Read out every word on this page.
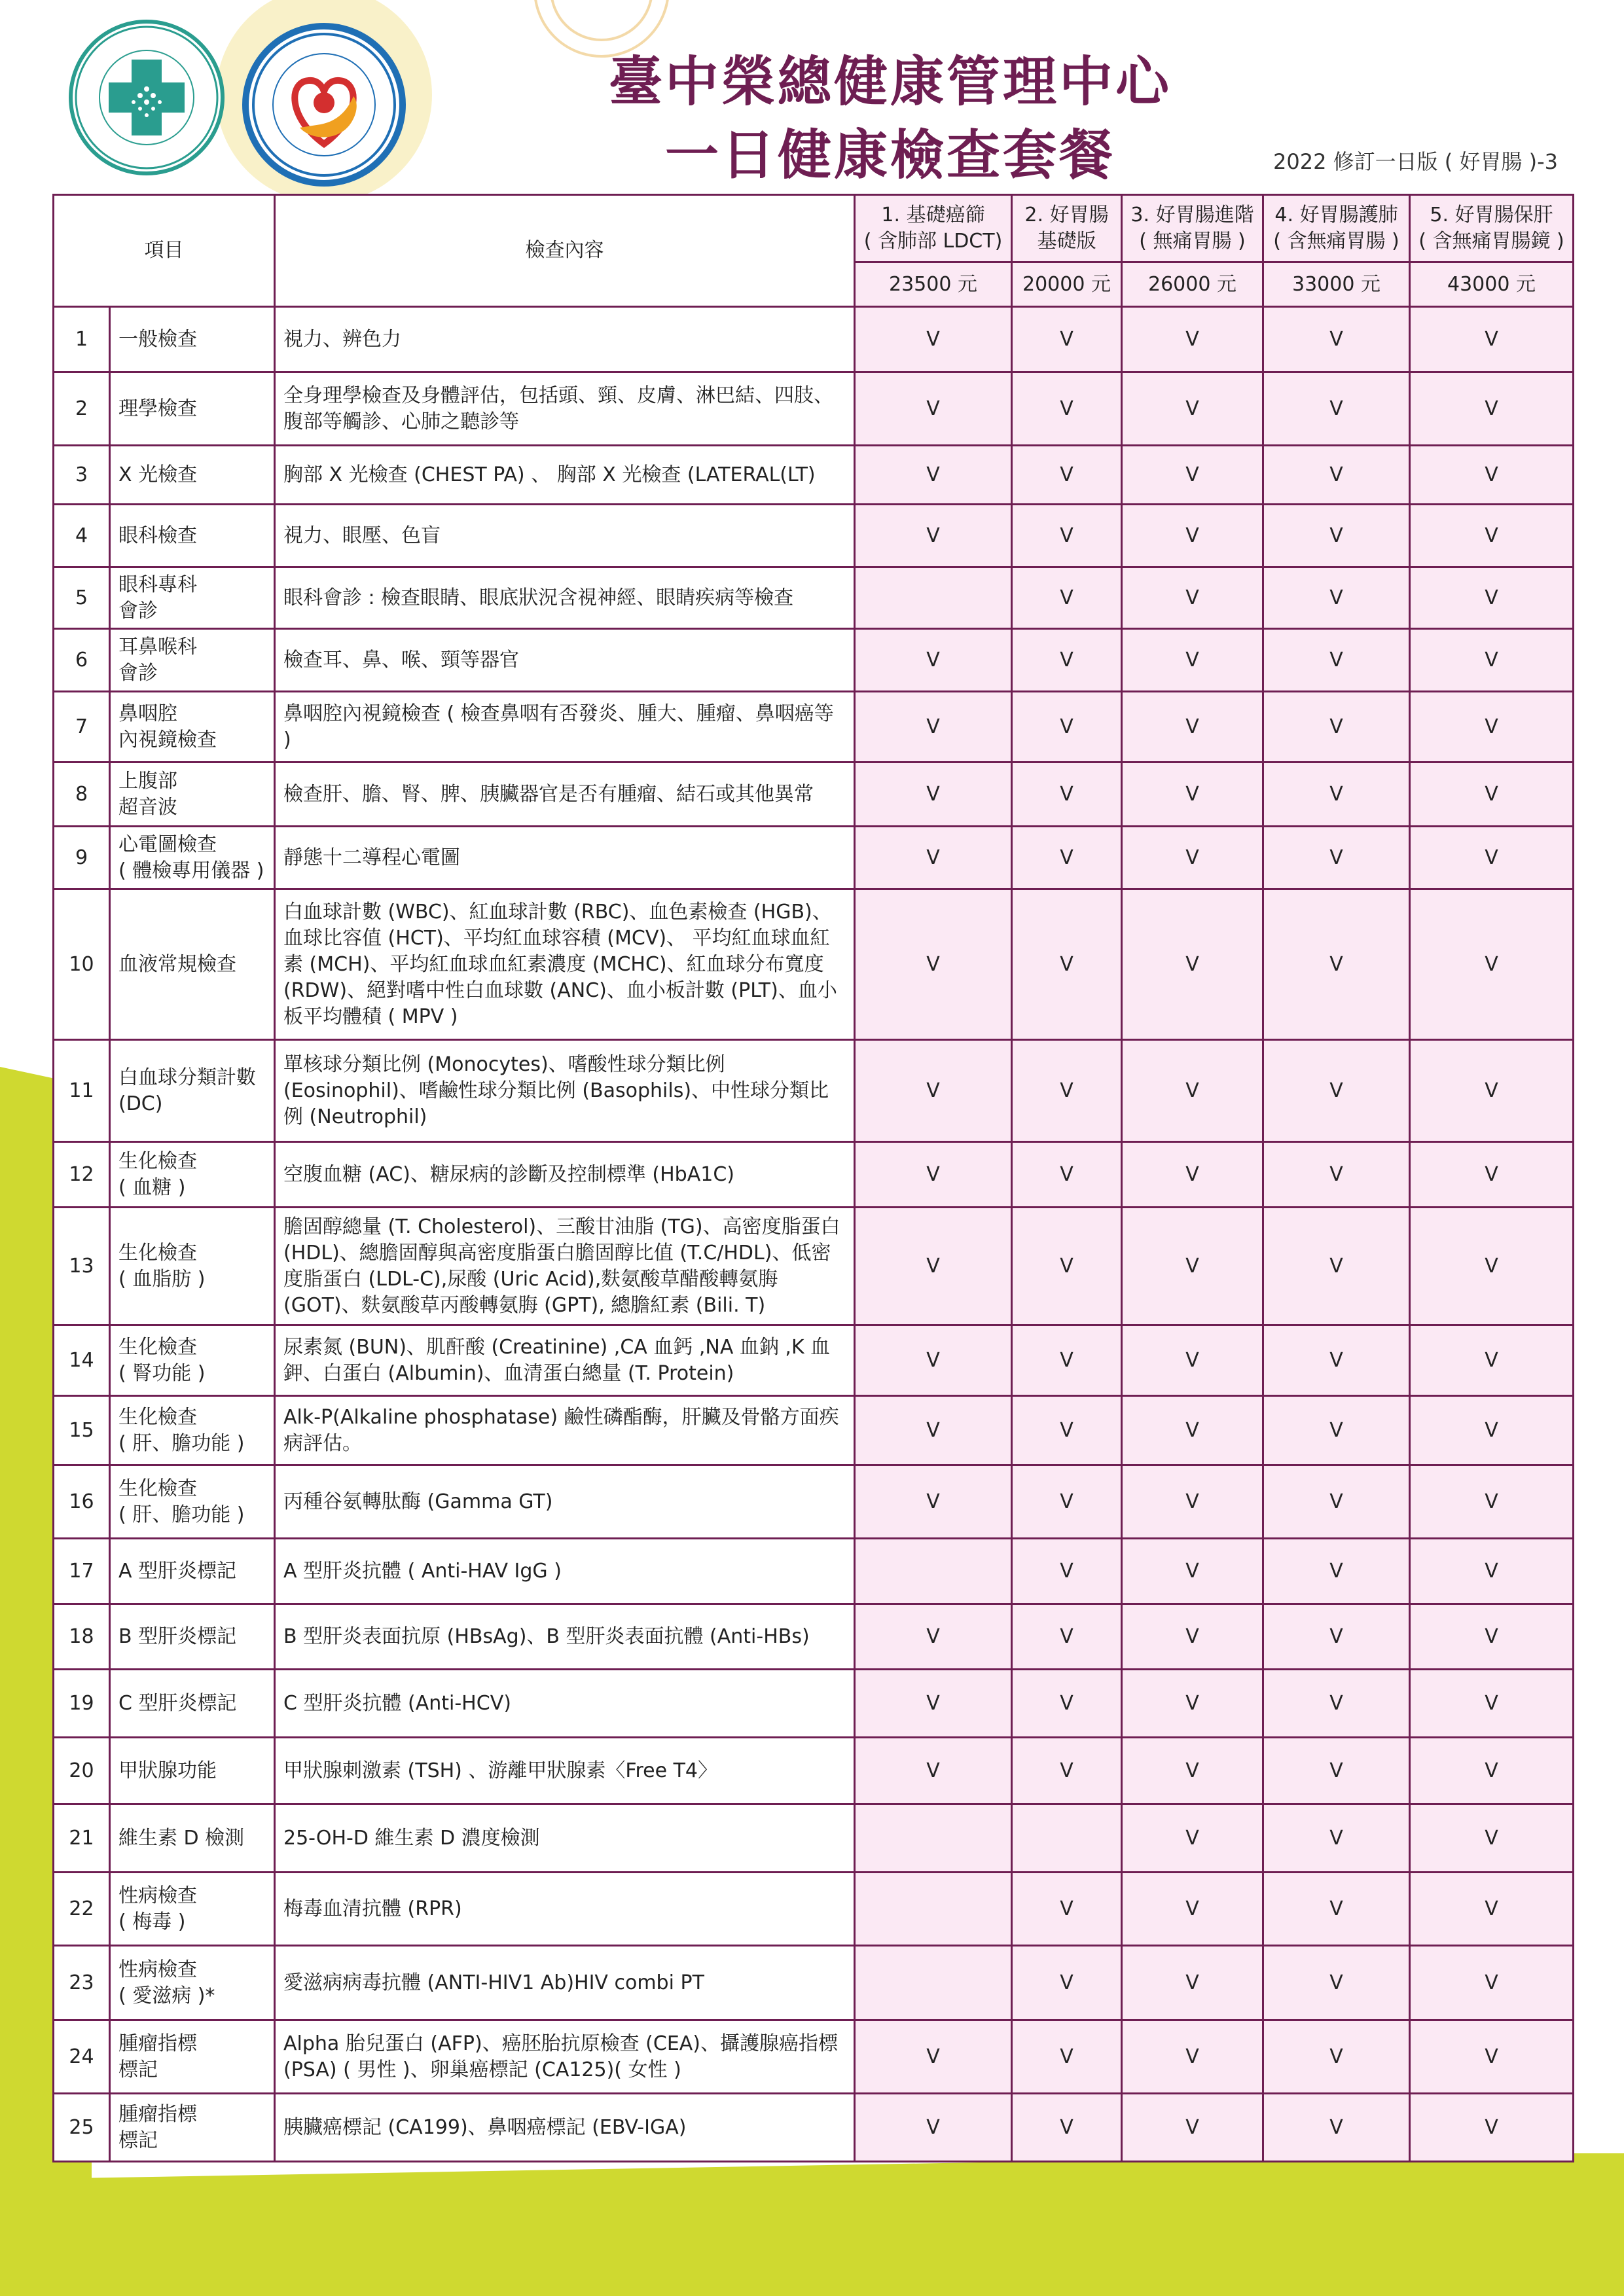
臺中榮總健康管理中心
一日健康檢查套餐	2022 修訂一日版 ( 好胃腸 )-3
項目		檢查內容	1. 基礎癌篩
( 含肺部 LDCT)	2. 好胃腸
基礎版	3. 好胃腸進階
( 無痛胃腸 )	4. 好胃腸護肺
( 含無痛胃腸 )	5. 好胃腸保肝
( 含無痛胃腸鏡 )
			23500 元	20000 元	26000 元	33000 元	43000 元
1	一般檢查	視力、辨色力	V	V	V	V	V
2	理學檢查	全身理學檢查及身體評估，包括頭、頸、皮膚、淋巴結、四肢、腹部等觸診、心肺之聽診等	V	V	V	V	V
3	X 光檢查	胸部 X 光檢查 (CHEST PA) 、 胸部 X 光檢查 (LATERAL(LT)	V	V	V	V	V
4	眼科檢查	視力、眼壓、色盲	V	V	V	V	V
5	眼科專科
會診	眼科會診 : 檢查眼睛、眼底狀況含視神經、眼睛疾病等檢查		V	V	V	V
6	耳鼻喉科
會診	檢查耳、鼻、喉、頸等器官	V	V	V	V	V
7	鼻咽腔
內視鏡檢查	鼻咽腔內視鏡檢查 ( 檢查鼻咽有否發炎、腫大、腫瘤、鼻咽癌等 )	V	V	V	V	V
8	上腹部
超音波	檢查肝、膽、腎、脾、胰臟器官是否有腫瘤、結石或其他異常	V	V	V	V	V
9	心電圖檢查
( 體檢專用儀器 )	靜態十二導程心電圖	V	V	V	V	V
10	血液常規檢查	白血球計數 (WBC)、紅血球計數 (RBC)、血色素檢查 (HGB)、血球比容值 (HCT)、平均紅血球容積 (MCV)、 平均紅血球血紅素 (MCH)、平均紅血球血紅素濃度 (MCHC)、紅血球分布寬度 (RDW)、絕對嗜中性白血球數 (ANC)、血小板計數 (PLT)、血小板平均體積 ( MPV )	V	V	V	V	V
11	白血球分類計數
(DC)	單核球分類比例 (Monocytes)、嗜酸性球分類比例 (Eosinophil)、嗜鹼性球分類比例 (Basophils)、中性球分類比例 (Neutrophil)	V	V	V	V	V
12	生化檢查
( 血糖 )	空腹血糖 (AC)、糖尿病的診斷及控制標準 (HbA1C)	V	V	V	V	V
13	生化檢查
( 血脂肪 )	膽固醇總量 (T. Cholesterol)、三酸甘油脂 (TG)、高密度脂蛋白 (HDL)、總膽固醇與高密度脂蛋白膽固醇比值 (T.C/HDL)、低密度脂蛋白 (LDL-C),尿酸 (Uric Acid),麩氨酸草醋酸轉氨脢 (GOT)、麩氨酸草丙酸轉氨脢 (GPT), 總膽紅素 (Bili. T)	V	V	V	V	V
14	生化檢查
( 腎功能 )	尿素氮 (BUN)、肌酐酸 (Creatinine) ,CA 血鈣 ,NA 血鈉 ,K 血鉀、白蛋白 (Albumin)、血清蛋白總量 (T. Protein)	V	V	V	V	V
15	生化檢查
( 肝、膽功能 )	Alk-P(Alkaline phosphatase) 鹼性磷酯酶，肝臟及骨骼方面疾病評估。	V	V	V	V	V
16	生化檢查
( 肝、膽功能 )	丙種谷氨轉肽酶 (Gamma GT)	V	V	V	V	V
17	A 型肝炎標記	A 型肝炎抗體 ( Anti-HAV IgG )		V	V	V	V
18	B 型肝炎標記	B 型肝炎表面抗原 (HBsAg)、B 型肝炎表面抗體 (Anti-HBs)	V	V	V	V	V
19	C 型肝炎標記	C 型肝炎抗體 (Anti-HCV)	V	V	V	V	V
20	甲狀腺功能	甲狀腺刺激素 (TSH) 、游離甲狀腺素〈Free T4〉	V	V	V	V	V
21	維生素 D 檢測	25-OH-D 維生素 D 濃度檢測			V	V	V
22	性病檢查
( 梅毒 )	梅毒血清抗體 (RPR)		V	V	V	V
23	性病檢查
( 愛滋病 )*	愛滋病病毒抗體 (ANTI-HIV1 Ab)HIV combi PT		V	V	V	V
24	腫瘤指標
標記	Alpha 胎兒蛋白 (AFP)、癌胚胎抗原檢查 (CEA)、攝護腺癌指標 (PSA) ( 男性 )、卵巢癌標記 (CA125)( 女性 )	V	V	V	V	V
25	腫瘤指標
標記	胰臟癌標記 (CA199)、鼻咽癌標記 (EBV-IGA)	V	V	V	V	V
